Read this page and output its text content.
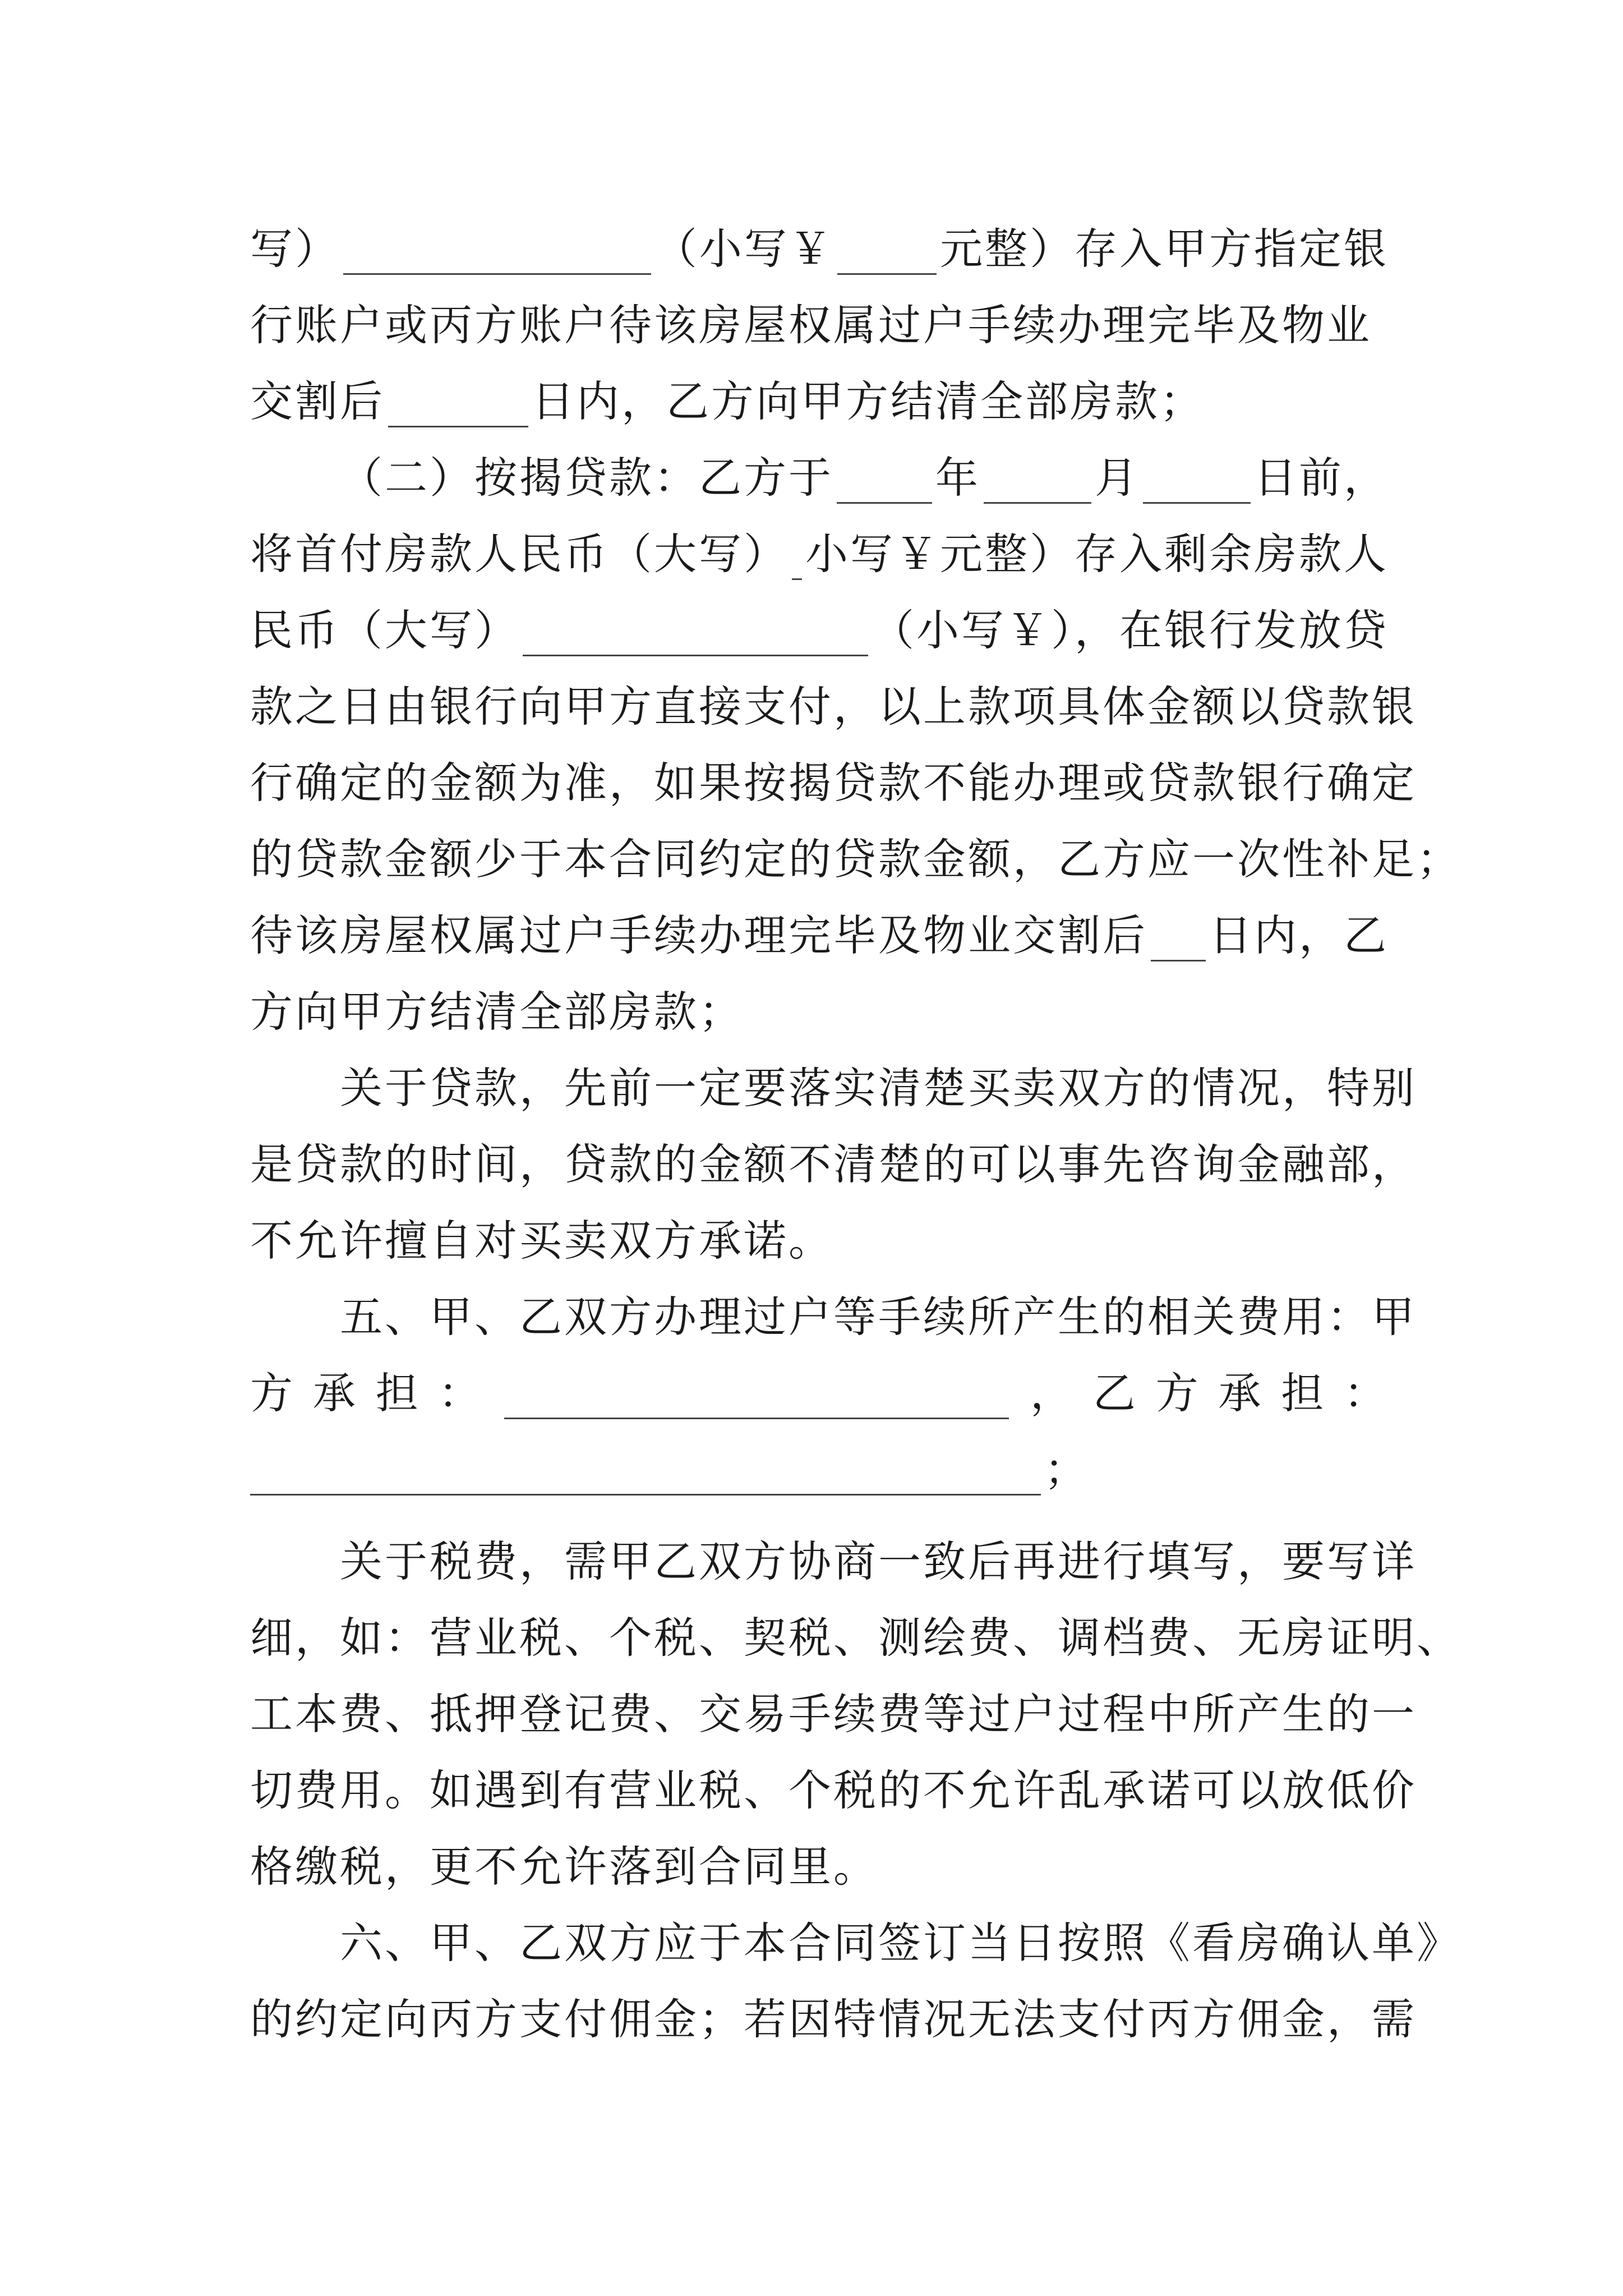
写）	（小写￥ 元整）存入甲方指定银
行账户或丙方账户待该房屋权属过户手续办理完毕及物业
交割后	日内，乙方向甲方结清全部房款；
（二）按揭贷款：乙方于 年	月	日前，
将首付房款人民币（大写） 小写￥元整）存入剩余房款人
民币（大写）	（小写￥），在银行发放贷
款之日由银行向甲方直接支付，以上款项具体金额以贷款银
行确定的金额为准，如果按揭贷款不能办理或贷款银行确定
的贷款金额少于本合同约定的贷款金额，乙方应一次性补足；
待该房屋权属过户手续办理完毕及物业交割后 日内，乙
方向甲方结清全部房款；
关于贷款，先前一定要落实清楚买卖双方的情况，特别
是贷款的时间，贷款的金额不清楚的可以事先咨询金融部，
不允许擅自对买卖双方承诺。
五、甲、乙双方办理过户等手续所产生的相关费用：甲
方 承 担 ：	， 乙 方 承 担 ：
；
关于税费，需甲乙双方协商一致后再进行填写，要写详
细，如：营业税、个税、契税、测绘费、调档费、无房证明、
工本费、抵押登记费、交易手续费等过户过程中所产生的一
切费用。如遇到有营业税、个税的不允许乱承诺可以放低价
格缴税，更不允许落到合同里。
六、甲、乙双方应于本合同签订当日按照《看房确认单》
的约定向丙方支付佣金；若因特情况无法支付丙方佣金，需
